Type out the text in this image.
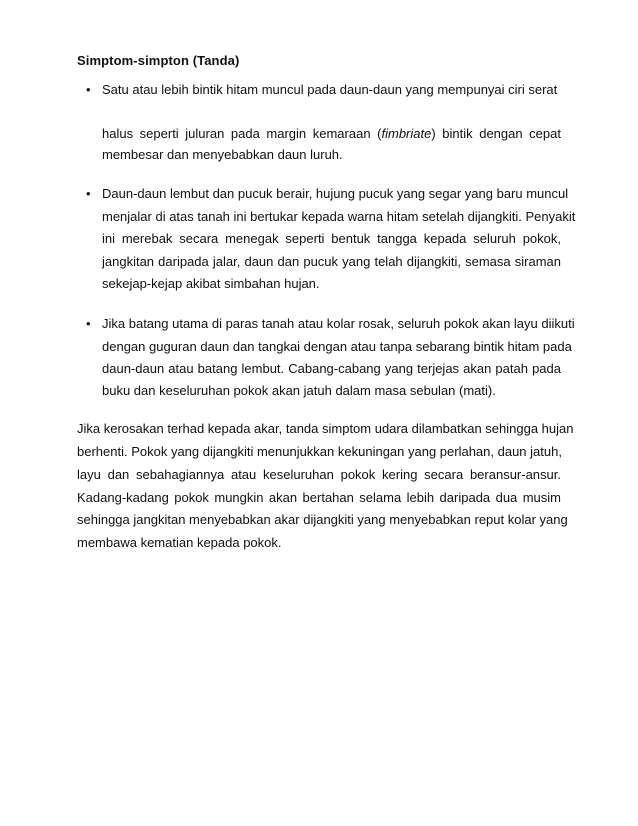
Simptom-simpton (Tanda)
• Satu atau lebih bintik hitam muncul pada daun-daun yang mempunyai ciri serat
halus seperti juluran pada margin kemaraan (fimbriate) bintik dengan cepat
membesar dan menyebabkan daun luruh.
• Daun-daun lembut dan pucuk berair, hujung pucuk yang segar yang baru muncul
menjalar di atas tanah ini bertukar kepada warna hitam setelah dijangkiti. Penyakit
ini merebak secara menegak seperti bentuk tangga kepada seluruh pokok,
jangkitan daripada jalar, daun dan pucuk yang telah dijangkiti, semasa siraman
sekejap-kejap akibat simbahan hujan.
• Jika batang utama di paras tanah atau kolar rosak, seluruh pokok akan layu diikuti
dengan guguran daun dan tangkai dengan atau tanpa sebarang bintik hitam pada
daun-daun atau batang lembut. Cabang-cabang yang terjejas akan patah pada
buku dan keseluruhan pokok akan jatuh dalam masa sebulan (mati).
Jika kerosakan terhad kepada akar, tanda simptom udara dilambatkan sehingga hujan
berhenti. Pokok yang dijangkiti menunjukkan kekuningan yang perlahan, daun jatuh,
layu dan sebahagiannya atau keseluruhan pokok kering secara beransur-ansur.
Kadang-kadang pokok mungkin akan bertahan selama lebih daripada dua musim
sehingga jangkitan menyebabkan akar dijangkiti yang menyebabkan reput kolar yang
membawa kematian kepada pokok.
